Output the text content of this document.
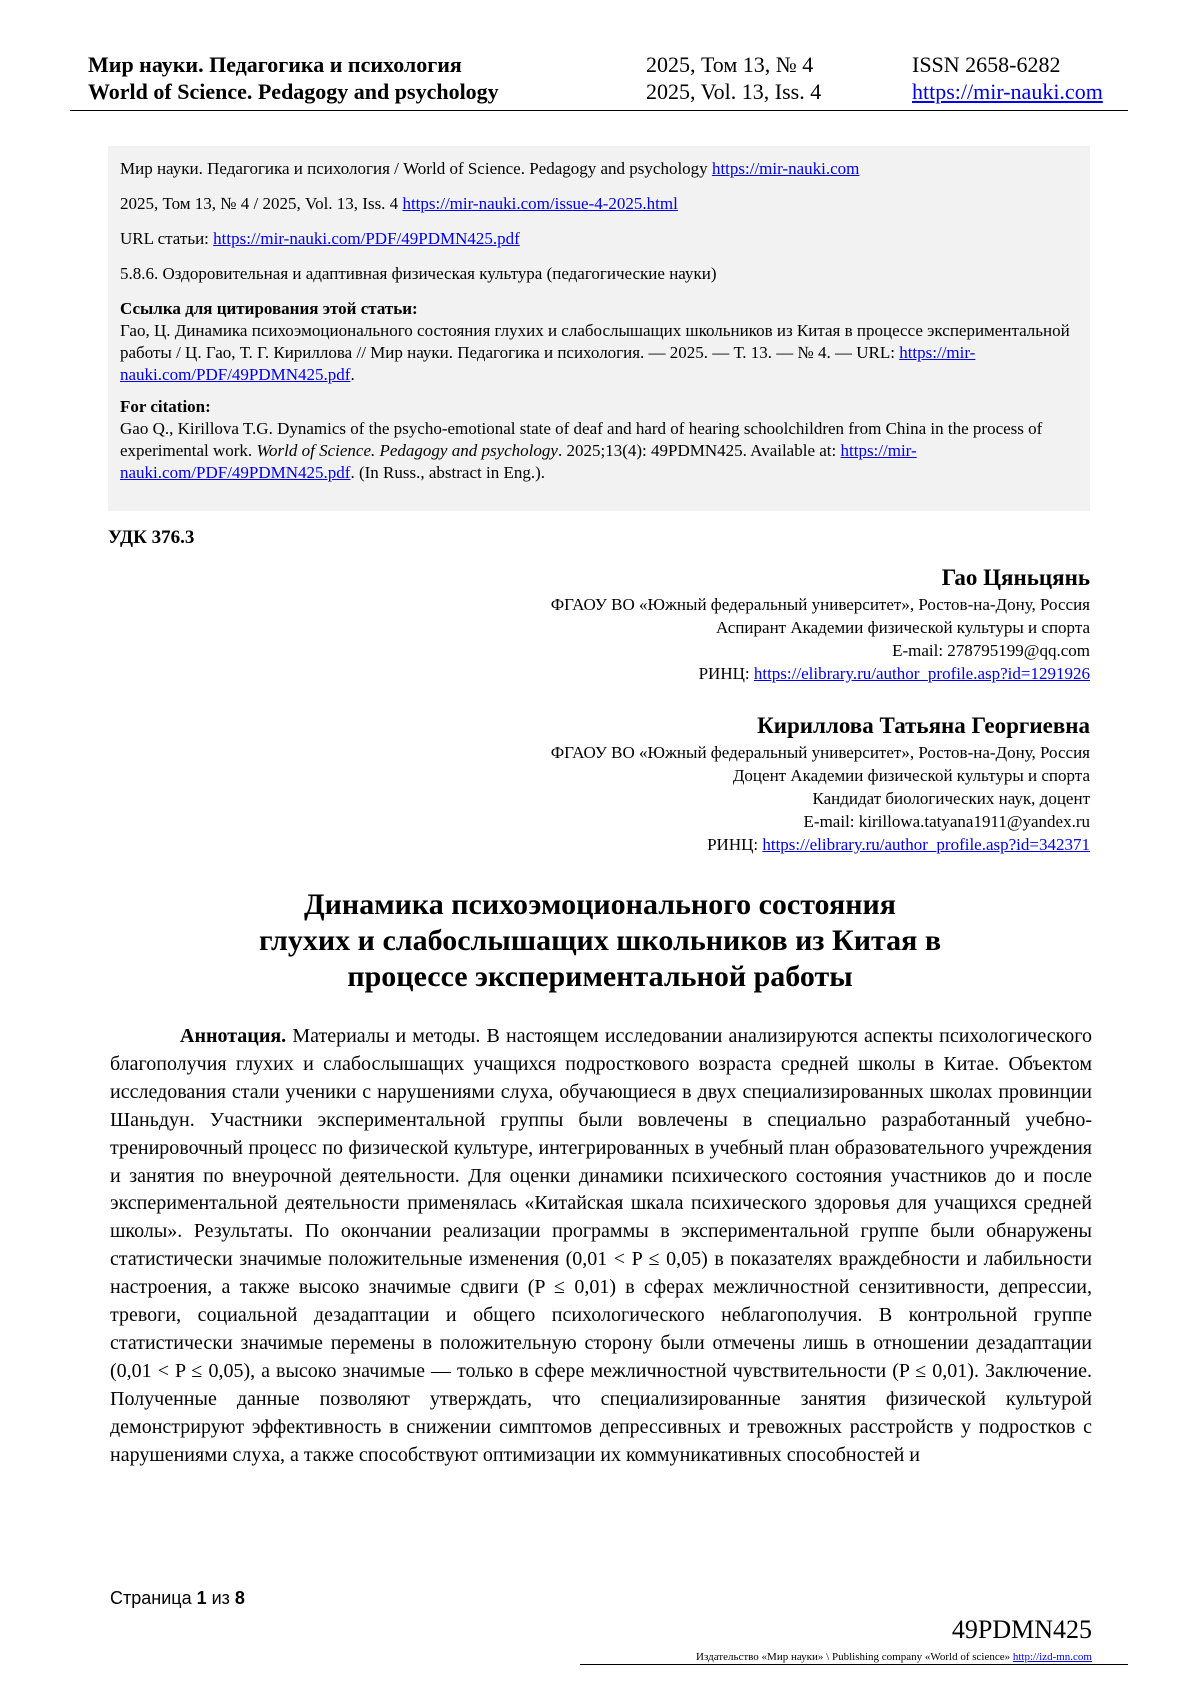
Мир науки. Педагогика и психология	2025, Том 13, № 4	ISSN 2658-6282
World of Science. Pedagogy and psychology	2025, Vol. 13, Iss. 4	https://mir-nauki.com

Мир науки. Педагогика и психология / World of Science. Pedagogy and psychology https://mir-nauki.com

2025, Том 13, № 4 / 2025, Vol. 13, Iss. 4 https://mir-nauki.com/issue-4-2025.html

URL статьи: https://mir-nauki.com/PDF/49PDMN425.pdf

5.8.6. Оздоровительная и адаптивная физическая культура (педагогические науки)

Ссылка для цитирования этой статьи:

Гао, Ц. Динамика психоэмоционального состояния глухих и слабослышащих школьников из Китая в процессе экспериментальной работы / Ц. Гао, Т. Г. Кириллова // Мир науки. Педагогика и психология. — 2025. — Т. 13. — № 4. — URL: https://mir-nauki.com/PDF/49PDMN425.pdf.

For citation:

Gao Q., Kirillova T.G. Dynamics of the psycho-emotional state of deaf and hard of hearing schoolchildren from China in the process of experimental work. World of Science. Pedagogy and psychology. 2025;13(4): 49PDMN425. Available at: https://mir-nauki.com/PDF/49PDMN425.pdf. (In Russ., abstract in Eng.).

УДК 376.3
Гао Цяньцянь
ФГАОУ ВО «Южный федеральный университет», Ростов-на-Дону, Россия
Аспирант Академии физической культуры и спорта
E-mail: 278795199@qq.com
РИНЦ: https://elibrary.ru/author_profile.asp?id=1291926
Кириллова Татьяна Георгиевна
ФГАОУ ВО «Южный федеральный университет», Ростов-на-Дону, Россия
Доцент Академии физической культуры и спорта
Кандидат биологических наук, доцент
E-mail: kirillowa.tatyana1911@yandex.ru
РИНЦ: https://elibrary.ru/author_profile.asp?id=342371
Динамика психоэмоционального состояния
глухих и слабослышащих школьников из Китая в
процессе экспериментальной работы
Аннотация. Материалы и методы. В настоящем исследовании анализируются аспекты психологического благополучия глухих и слабослышащих учащихся подросткового возраста средней школы в Китае. Объектом исследования стали ученики с нарушениями слуха, обучающиеся в двух специализированных школах провинции Шаньдун. Участники экспериментальной группы были вовлечены в специально разработанный учебно-тренировочный процесс по физической культуре, интегрированных в учебный план образовательного учреждения и занятия по внеурочной деятельности. Для оценки динамики психического состояния участников до и после экспериментальной деятельности применялась «Китайская шкала психического здоровья для учащихся средней школы». Результаты. По окончании реализации программы в экспериментальной группе были обнаружены статистически значимые положительные изменения (0,01 < P ≤ 0,05) в показателях враждебности и лабильности настроения, а также высоко значимые сдвиги (P ≤ 0,01) в сферах межличностной сензитивности, депрессии, тревоги, социальной дезадаптации и общего психологического неблагополучия. В контрольной группе статистически значимые перемены в положительную сторону были отмечены лишь в отношении дезадаптации (0,01 < P ≤ 0,05), а высоко значимые — только в сфере межличностной чувствительности (P ≤ 0,01). Заключение. Полученные данные позволяют утверждать, что специализированные занятия физической культурой демонстрируют эффективность в снижении симптомов депрессивных и тревожных расстройств у подростков с нарушениями слуха, а также способствуют оптимизации их коммуникативных способностей и
Страница 1 из 8
49PDMN425
Издательство «Мир науки» \ Publishing company «World of science» http://izd-mn.com
